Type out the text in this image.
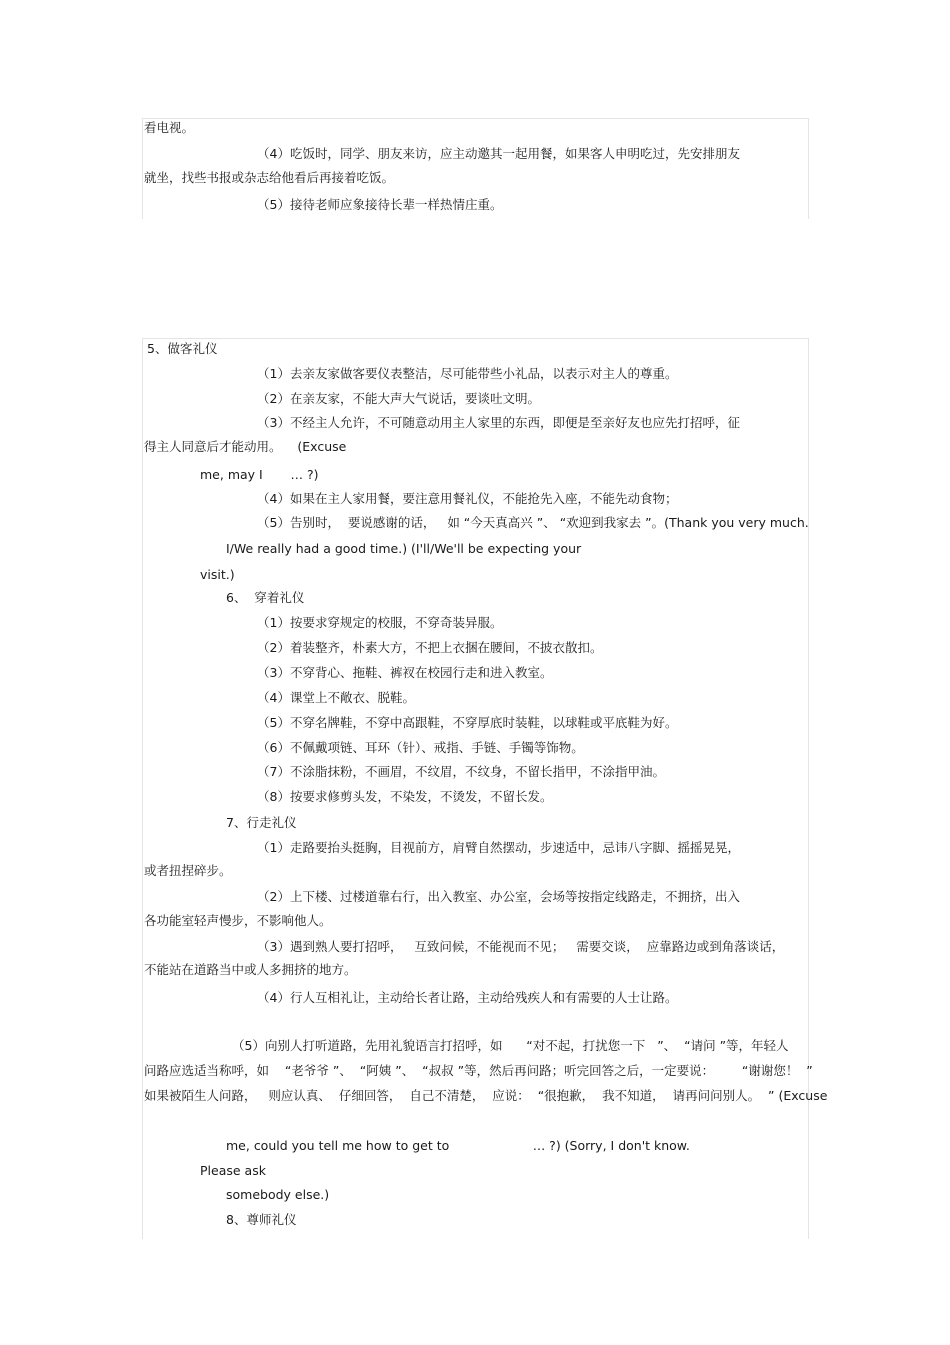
看电视。
（4）吃饭时，同学、朋友来访，应主动邀其一起用餐，如果客人申明吃过，先安排朋友
就坐，找些书报或杂志给他看后再接着吃饭。
（5）接待老师应象接待长辈一样热情庄重。
5、做客礼仪
（1）去亲友家做客要仪表整洁，尽可能带些小礼品，以表示对主人的尊重。
（2）在亲友家，不能大声大气说话，要谈吐文明。
（3）不经主人允许，不可随意动用主人家里的东西，即便是至亲好友也应先打招呼，征
得主人同意后才能动用。    (Excuse
me, may I       … ?)
（4）如果在主人家用餐，要注意用餐礼仪，不能抢先入座，不能先动食物；
（5）告别时，  要说感谢的话，   如 “今天真高兴 ”、 “欢迎到我家去 ”。(Thank you very much.
I/We really had a good time.) (I'll/We'll be expecting your
visit.)
6、  穿着礼仪
（1）按要求穿规定的校服，不穿奇装异服。
（2）着装整齐，朴素大方，不把上衣捆在腰间，不披衣散扣。
（3）不穿背心、拖鞋、裤衩在校园行走和进入教室。
（4）课堂上不敞衣、脱鞋。
（5）不穿名牌鞋，不穿中高跟鞋，不穿厚底时装鞋，以球鞋或平底鞋为好。
（6）不佩戴项链、耳环（针）、戒指、手链、手镯等饰物。
（7）不涂脂抹粉，不画眉，不纹眉，不纹身，不留长指甲，不涂指甲油。
（8）按要求修剪头发，不染发，不烫发，不留长发。
7、行走礼仪
（1）走路要抬头挺胸，目视前方，肩臂自然摆动，步速适中，忌讳八字脚、摇摇晃晃，
或者扭捏碎步。
（2）上下楼、过楼道靠右行，出入教室、办公室，会场等按指定线路走，不拥挤，出入
各功能室轻声慢步，不影响他人。
（3）遇到熟人要打招呼，   互致问候，不能视而不见；   需要交谈，  应靠路边或到角落谈话，
不能站在道路当中或人多拥挤的地方。
（4）行人互相礼让，主动给长者让路，主动给残疾人和有需要的人士让路。
（5）向别人打听道路，先用礼貌语言打招呼，如      “对不起，打扰您一下   ”、  “请问 ”等，年轻人
问路应选适当称呼，如    “老爷爷 ”、  “阿姨 ”、  “叔叔 ”等，然后再问路；听完回答之后，一定要说：       “谢谢您！  ”
如果被陌生人问路，   则应认真、  仔细回答，  自己不清楚，  应说：  “很抱歉，  我不知道，  请再问问别人。  ” (Excuse
me, could you tell me how to get to                     … ?) (Sorry, I don't know.
Please ask
somebody else.)
8、尊师礼仪
